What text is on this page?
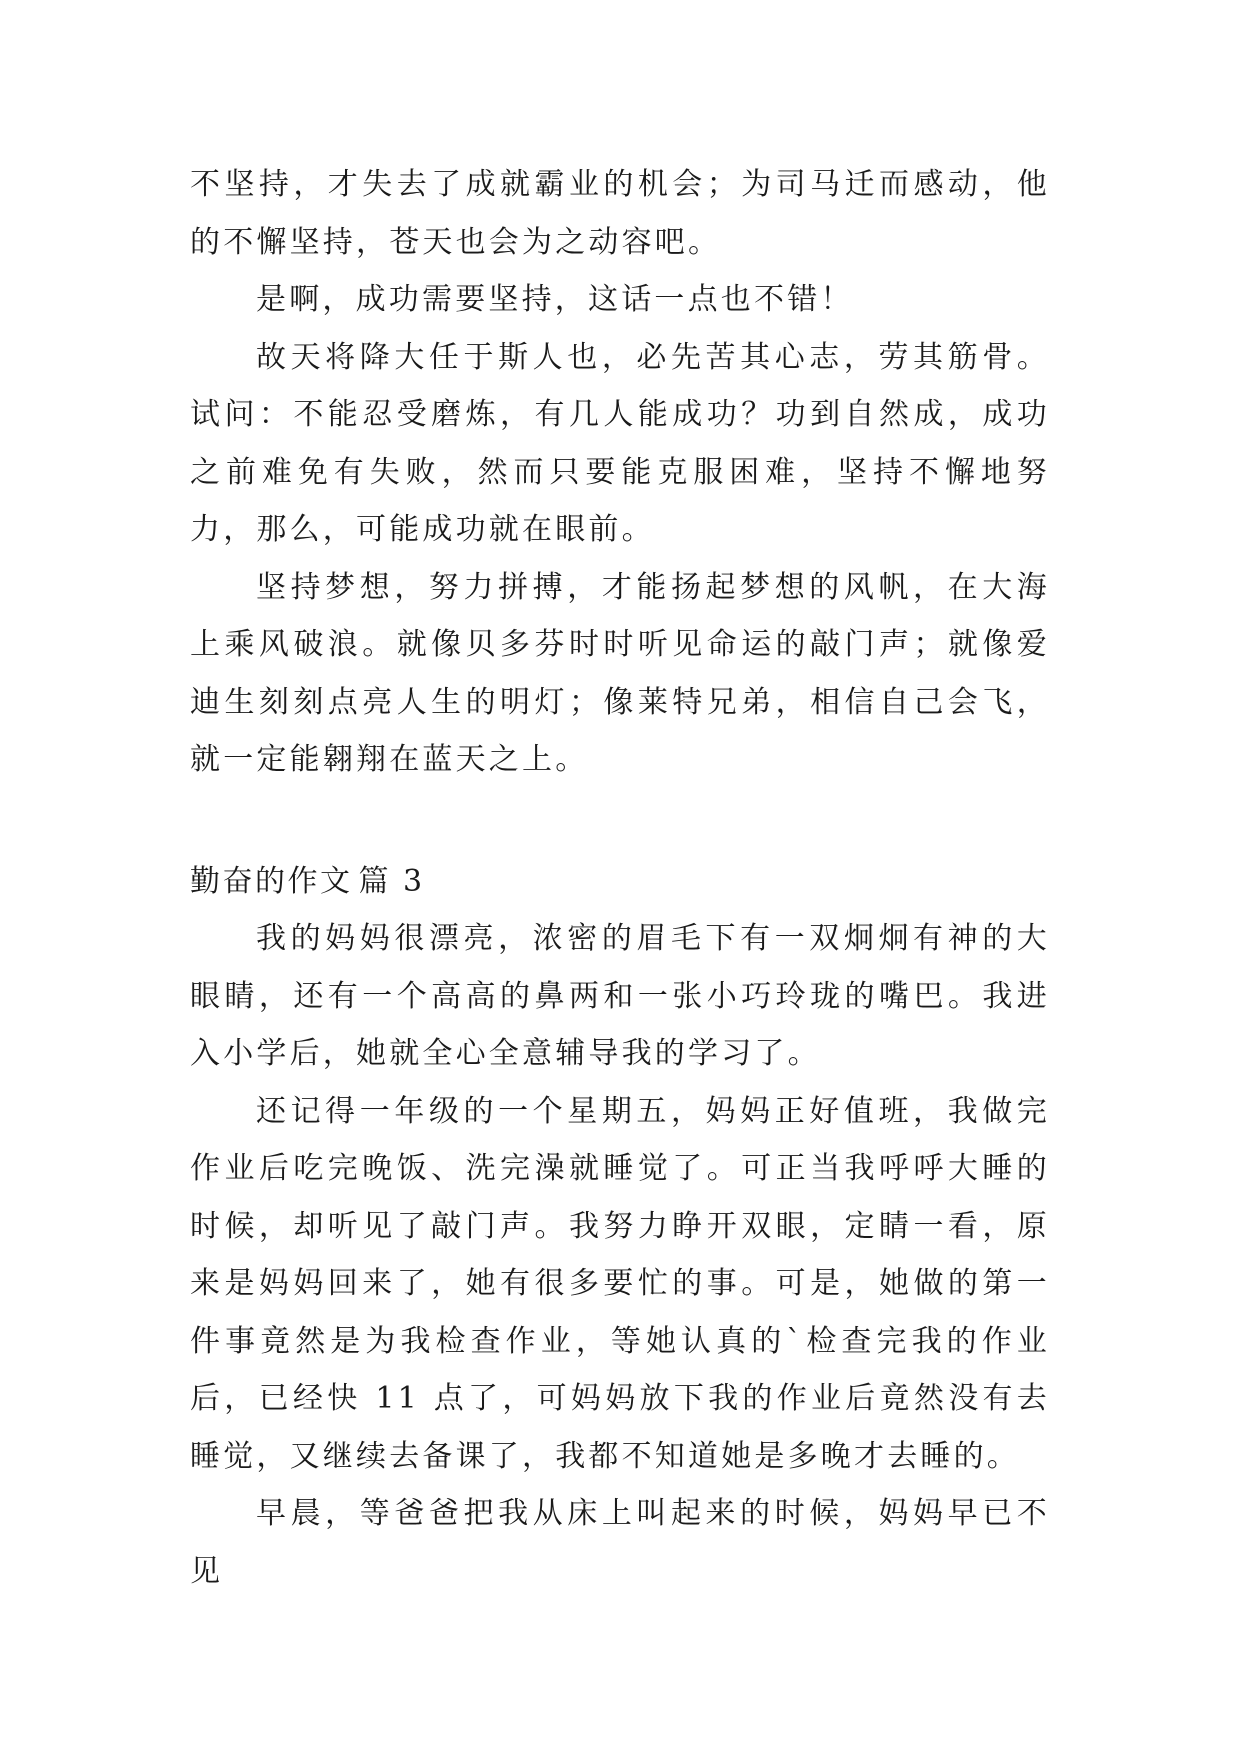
不坚持，才失去了成就霸业的机会；为司马迁而感动，他的不懈坚持，苍天也会为之动容吧。

是啊，成功需要坚持，这话一点也不错！

故天将降大任于斯人也，必先苦其心志，劳其筋骨。试问：不能忍受磨炼，有几人能成功？功到自然成，成功之前难免有失败，然而只要能克服困难，坚持不懈地努力，那么，可能成功就在眼前。

坚持梦想，努力拼搏，才能扬起梦想的风帆，在大海上乘风破浪。就像贝多芬时时听见命运的敲门声；就像爱迪生刻刻点亮人生的明灯；像莱特兄弟，相信自己会飞，就一定能翱翔在蓝天之上。

勤奋的作文 篇 3

我的妈妈很漂亮，浓密的眉毛下有一双炯炯有神的大眼睛，还有一个高高的鼻两和一张小巧玲珑的嘴巴。我进入小学后，她就全心全意辅导我的学习了。

还记得一年级的一个星期五，妈妈正好值班，我做完作业后吃完晚饭、洗完澡就睡觉了。可正当我呼呼大睡的时候，却听见了敲门声。我努力睁开双眼，定睛一看，原来是妈妈回来了，她有很多要忙的事。可是，她做的第一件事竟然是为我检查作业，等她认真的`检查完我的作业后，已经快 11 点了，可妈妈放下我的作业后竟然没有去睡觉，又继续去备课了，我都不知道她是多晚才去睡的。

早晨，等爸爸把我从床上叫起来的时候，妈妈早已不见
